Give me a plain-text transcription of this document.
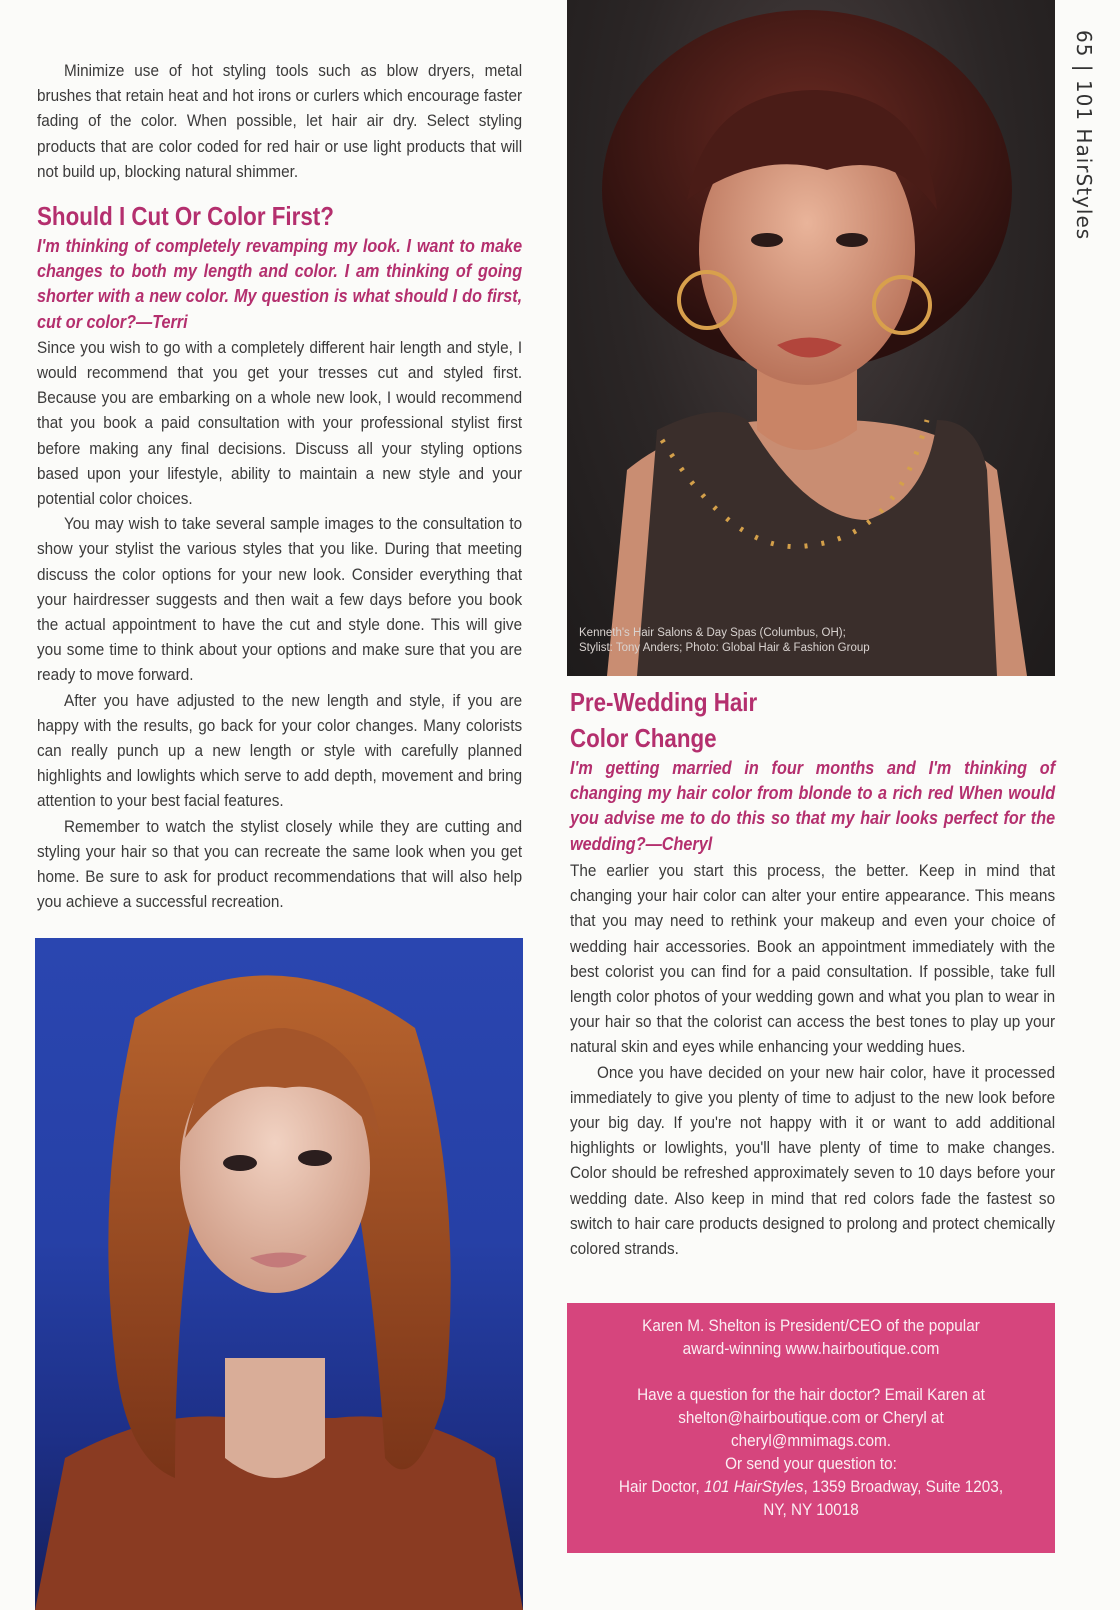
65 | 101 HairStyles

Minimize use of hot styling tools such as blow dryers, metal brushes that retain heat and hot irons or curlers which encourage faster fading of the color. When possible, let hair air dry. Select styling products that are color coded for red hair or use light products that will not build up, blocking natural shimmer.

Should I Cut Or Color First?

I'm thinking of completely revamping my look. I want to make changes to both my length and color. I am thinking of going shorter with a new color. My question is what should I do first, cut or color?—Terri

Since you wish to go with a completely different hair length and style, I would recommend that you get your tresses cut and styled first. Because you are embarking on a whole new look, I would recommend that you book a paid consultation with your professional stylist first before making any final decisions. Discuss all your styling options based upon your lifestyle, ability to maintain a new style and your potential color choices.

You may wish to take several sample images to the consultation to show your stylist the various styles that you like. During that meeting discuss the color options for your new look. Consider everything that your hairdresser suggests and then wait a few days before you book the actual appointment to have the cut and style done. This will give you some time to think about your options and make sure that you are ready to move forward.

After you have adjusted to the new length and style, if you are happy with the results, go back for your color changes. Many colorists can really punch up a new length or style with carefully planned highlights and lowlights which serve to add depth, movement and bring attention to your best facial features.

Remember to watch the stylist closely while they are cutting and styling your hair so that you can recreate the same look when you get home. Be sure to ask for product recommendations that will also help you achieve a successful recreation.

Kenneth's Hair Salons & Day Spas (Columbus, OH);
Stylist: Tony Anders; Photo: Global Hair & Fashion Group
Pre-Wedding Hair
Color Change

I'm getting married in four months and I'm thinking of changing my hair color from blonde to a rich red When would you advise me to do this so that my hair looks perfect for the wedding?—Cheryl

The earlier you start this process, the better. Keep in mind that changing your hair color can alter your entire appearance. This means that you may need to rethink your makeup and even your choice of wedding hair accessories. Book an appointment immediately with the best colorist you can find for a paid consultation. If possible, take full length color photos of your wedding gown and what you plan to wear in your hair so that the colorist can access the best tones to play up your natural skin and eyes while enhancing your wedding hues.

Once you have decided on your new hair color, have it processed immediately to give you plenty of time to adjust to the new look before your big day. If you're not happy with it or want to add additional highlights or lowlights, you'll have plenty of time to make changes. Color should be refreshed approximately seven to 10 days before your wedding date. Also keep in mind that red colors fade the fastest so switch to hair care products designed to prolong and protect chemically colored strands.

Karen M. Shelton is President/CEO of the popular

award-winning www.hairboutique.com

Have a question for the hair doctor? Email Karen at

shelton@hairboutique.com or Cheryl at

cheryl@mmimags.com.

Or send your question to:

Hair Doctor, 101 HairStyles, 1359 Broadway, Suite 1203,

NY, NY 10018
